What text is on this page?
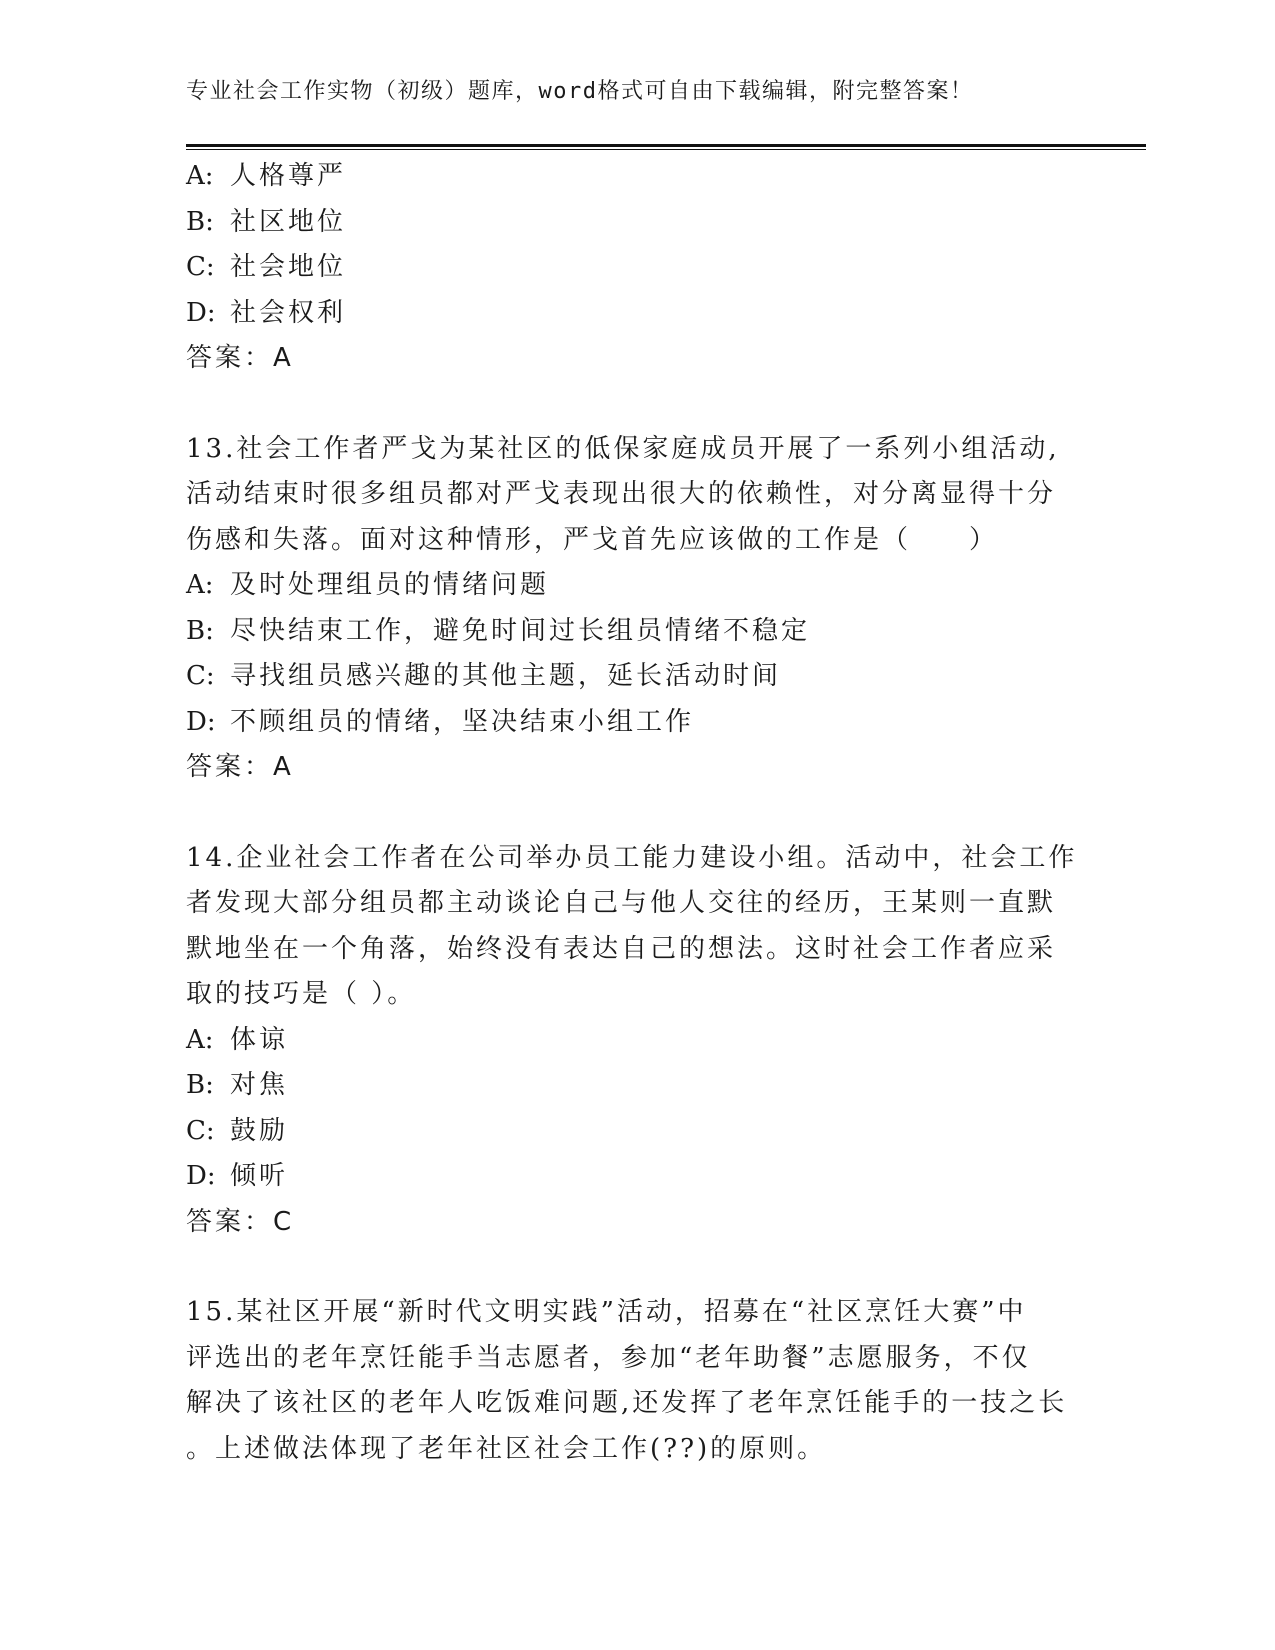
专业社会工作实物（初级）题库，word格式可自由下载编辑，附完整答案！
A: 人格尊严
B: 社区地位
C: 社会地位
D: 社会权利
答案：A
13.社会工作者严戈为某社区的低保家庭成员开展了一系列小组活动,
活动结束时很多组员都对严戈表现出很大的依赖性，对分离显得十分
伤感和失落。面对这种情形，严戈首先应该做的工作是（　　）
A: 及时处理组员的情绪问题
B: 尽快结束工作，避免时间过长组员情绪不稳定
C: 寻找组员感兴趣的其他主题，延长活动时间
D: 不顾组员的情绪，坚决结束小组工作
答案：A
14.企业社会工作者在公司举办员工能力建设小组。活动中，社会工作
者发现大部分组员都主动谈论自己与他人交往的经历，王某则一直默
默地坐在一个角落，始终没有表达自己的想法。这时社会工作者应采
取的技巧是（ ）。
A: 体谅
B: 对焦
C: 鼓励
D: 倾听
答案：C
15.某社区开展“新时代文明实践”活动，招募在“社区烹饪大赛”中
评选出的老年烹饪能手当志愿者，参加“老年助餐”志愿服务，不仅
解决了该社区的老年人吃饭难问题,还发挥了老年烹饪能手的一技之长
。上述做法体现了老年社区社会工作(??)的原则。
